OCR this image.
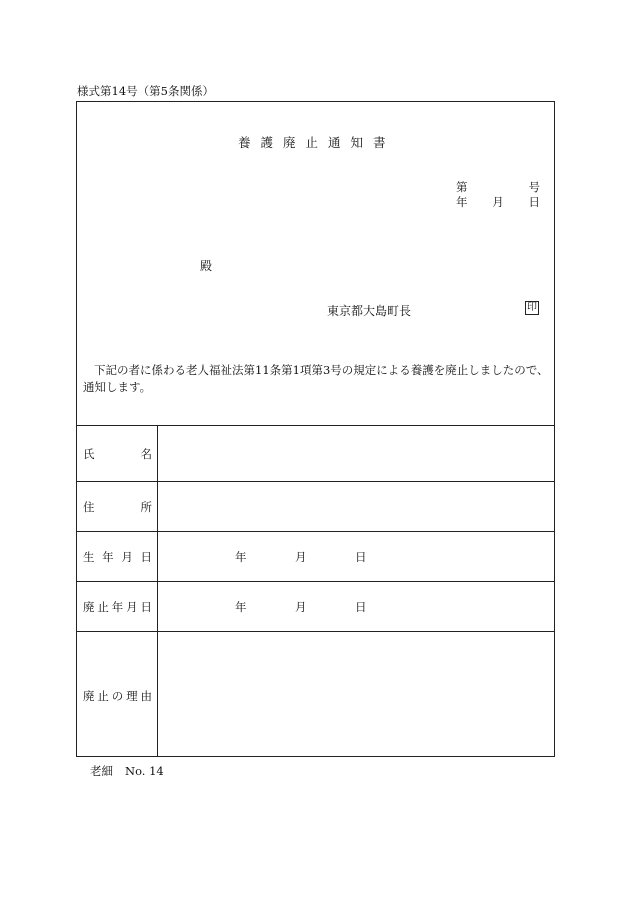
様式第14号（第5条関係）
養護廃止通知書
第	号
年 月 日
殿
東京都大島町長	印
下記の者に係わる老人福祉法第11条第1項第3号の規定による養護を廃止しましたので、通知します。
氏	名
住	所
生 年 月 日	年	月	日
廃 止 年 月 日	年	月	日
廃 止 の 理 由
老細 No. 14
